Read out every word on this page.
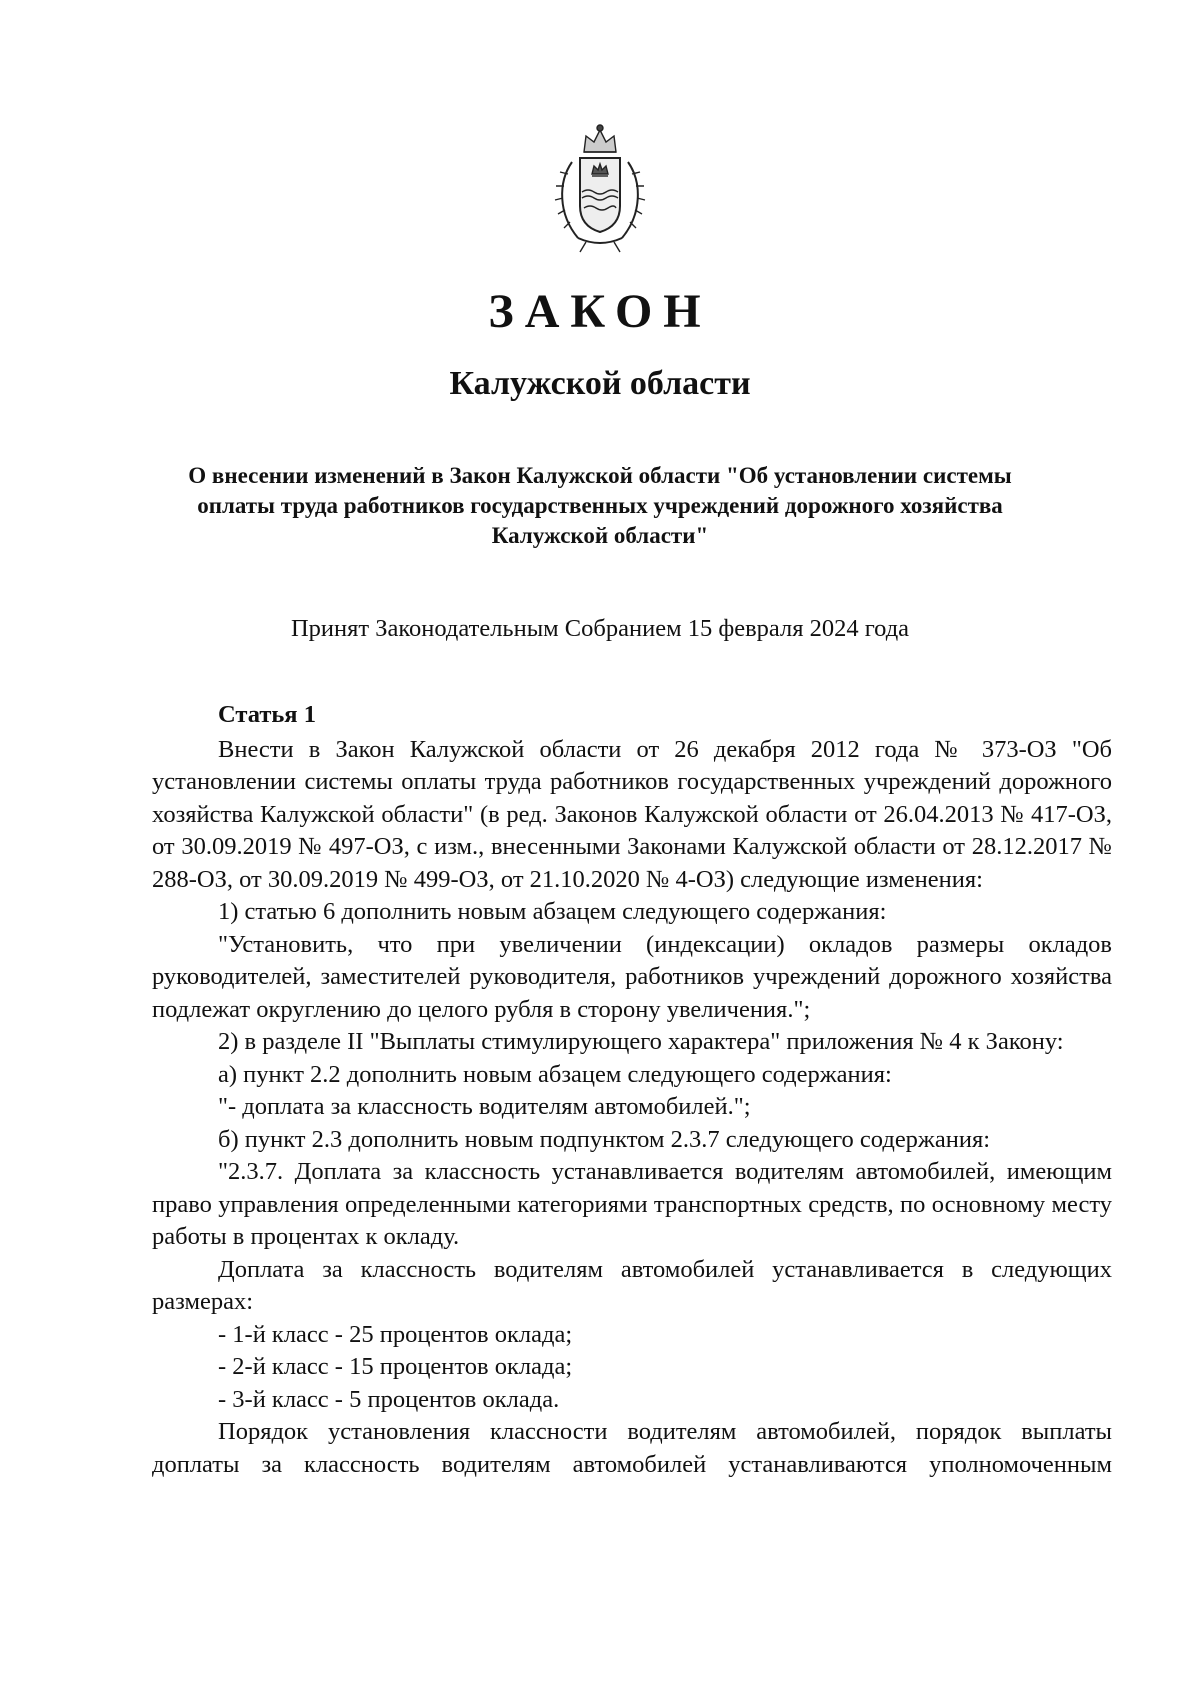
ЗАКОН
Калужской области
О внесении изменений в Закон Калужской области "Об установлении системы оплаты труда работников государственных учреждений дорожного хозяйства Калужской области"
Принят Законодательным Собранием 15 февраля 2024 года

Статья 1

Внести в Закон Калужской области от 26 декабря 2012 года № 373-ОЗ "Об установлении системы оплаты труда работников государственных учреждений дорожного хозяйства Калужской области" (в ред. Законов Калужской области от 26.04.2013 № 417-ОЗ, от 30.09.2019 № 497-ОЗ, с изм., внесенными Законами Калужской области от 28.12.2017 № 288-ОЗ, от 30.09.2019 № 499-ОЗ, от 21.10.2020 № 4-ОЗ) следующие изменения:

1) статью 6 дополнить новым абзацем следующего содержания:

"Установить, что при увеличении (индексации) окладов размеры окладов руководителей, заместителей руководителя, работников учреждений дорожного хозяйства подлежат округлению до целого рубля в сторону увеличения.";

2) в разделе II "Выплаты стимулирующего характера" приложения № 4 к Закону:

а) пункт 2.2 дополнить новым абзацем следующего содержания:

"- доплата за классность водителям автомобилей.";

б) пункт 2.3 дополнить новым подпунктом 2.3.7 следующего содержания:

"2.3.7. Доплата за классность устанавливается водителям автомобилей, имеющим право управления определенными категориями транспортных средств, по основному месту работы в процентах к окладу.

Доплата за классность водителям автомобилей устанавливается в следующих размерах:

- 1-й класс - 25 процентов оклада;

- 2-й класс - 15 процентов оклада;

- 3-й класс - 5 процентов оклада.

Порядок установления классности водителям автомобилей, порядок выплаты доплаты за классность водителям автомобилей устанавливаются уполномоченным
